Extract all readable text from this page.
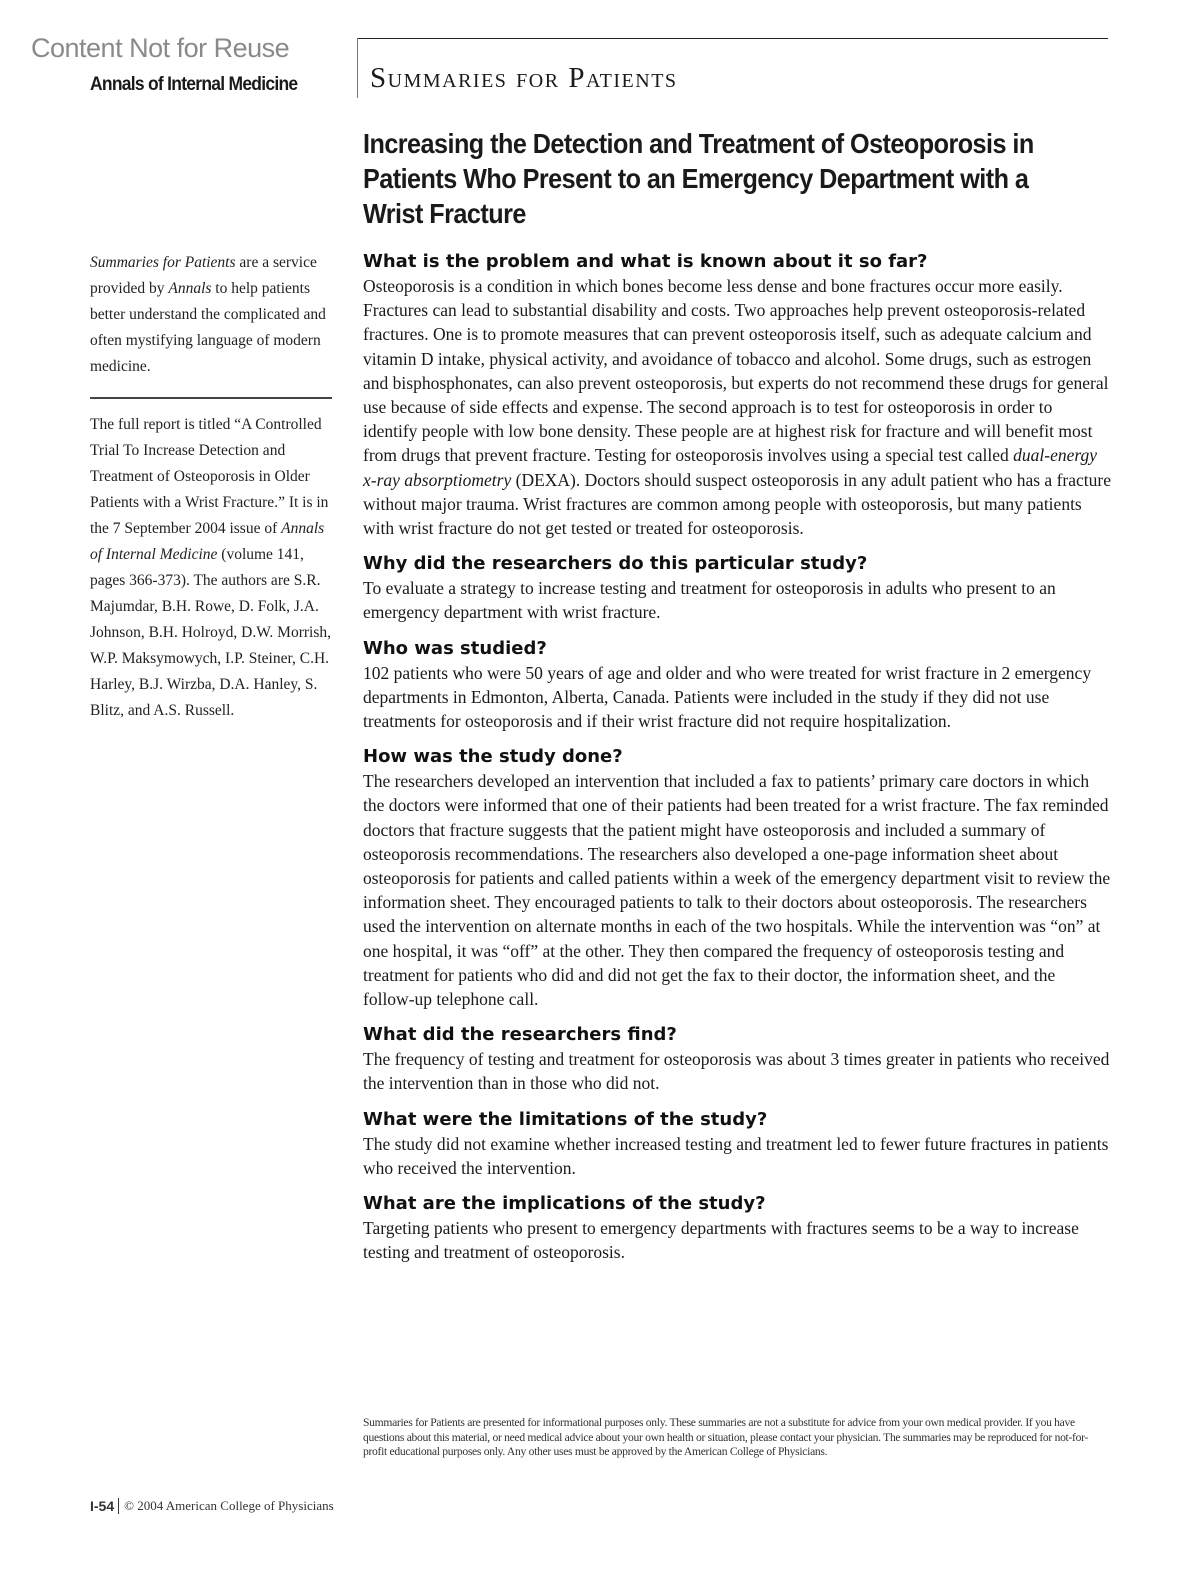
Content Not for Reuse
Annals of Internal Medicine	Summaries for Patients
Increasing the Detection and Treatment of Osteoporosis in Patients Who Present to an Emergency Department with a Wrist Fracture
Summaries for Patients are a service provided by Annals to help patients better understand the complicated and often mystifying language of modern medicine.
The full report is titled “A Controlled Trial To Increase Detection and Treatment of Osteoporosis in Older Patients with a Wrist Fracture.” It is in the 7 September 2004 issue of Annals of Internal Medicine (volume 141, pages 366-373). The authors are S.R. Majumdar, B.H. Rowe, D. Folk, J.A. Johnson, B.H. Holroyd, D.W. Morrish, W.P. Maksymowych, I.P. Steiner, C.H. Harley, B.J. Wirzba, D.A. Hanley, S. Blitz, and A.S. Russell.
What is the problem and what is known about it so far?

Osteoporosis is a condition in which bones become less dense and bone fractures occur more easily. Fractures can lead to substantial disability and costs. Two approaches help prevent osteoporosis-related fractures. One is to promote measures that can prevent osteoporosis itself, such as adequate calcium and vitamin D intake, physical activity, and avoidance of tobacco and alcohol. Some drugs, such as estrogen and bisphosphonates, can also prevent osteoporosis, but experts do not recommend these drugs for general use because of side effects and expense. The second approach is to test for osteoporosis in order to identify people with low bone density. These people are at highest risk for fracture and will benefit most from drugs that prevent fracture. Testing for osteoporosis involves using a special test called dual-energy x-ray absorptiometry (DEXA). Doctors should suspect osteoporosis in any adult patient who has a fracture without major trauma. Wrist fractures are common among people with osteoporosis, but many patients with wrist fracture do not get tested or treated for osteoporosis.

Why did the researchers do this particular study?

To evaluate a strategy to increase testing and treatment for osteoporosis in adults who present to an emergency department with wrist fracture.

Who was studied?

102 patients who were 50 years of age and older and who were treated for wrist fracture in 2 emergency departments in Edmonton, Alberta, Canada. Patients were included in the study if they did not use treatments for osteoporosis and if their wrist fracture did not require hospitalization.

How was the study done?

The researchers developed an intervention that included a fax to patients’ primary care doctors in which the doctors were informed that one of their patients had been treated for a wrist fracture. The fax reminded doctors that fracture suggests that the patient might have osteoporosis and included a summary of osteoporosis recommendations. The researchers also developed a one-page information sheet about osteoporosis for patients and called patients within a week of the emergency department visit to review the information sheet. They encouraged patients to talk to their doctors about osteoporosis. The researchers used the intervention on alternate months in each of the two hospitals. While the intervention was “on” at one hospital, it was “off” at the other. They then compared the frequency of osteoporosis testing and treatment for patients who did and did not get the fax to their doctor, the information sheet, and the follow-up telephone call.

What did the researchers find?

The frequency of testing and treatment for osteoporosis was about 3 times greater in patients who received the intervention than in those who did not.

What were the limitations of the study?

The study did not examine whether increased testing and treatment led to fewer future fractures in patients who received the intervention.

What are the implications of the study?

Targeting patients who present to emergency departments with fractures seems to be a way to increase testing and treatment of osteoporosis.

Summaries for Patients are presented for informational purposes only. These summaries are not a substitute for advice from your own medical provider. If you have questions about this material, or need medical advice about your own health or situation, please contact your physician. The summaries may be reproduced for not-for-profit educational purposes only. Any other uses must be approved by the American College of Physicians.
I-54 © 2004 American College of Physicians
